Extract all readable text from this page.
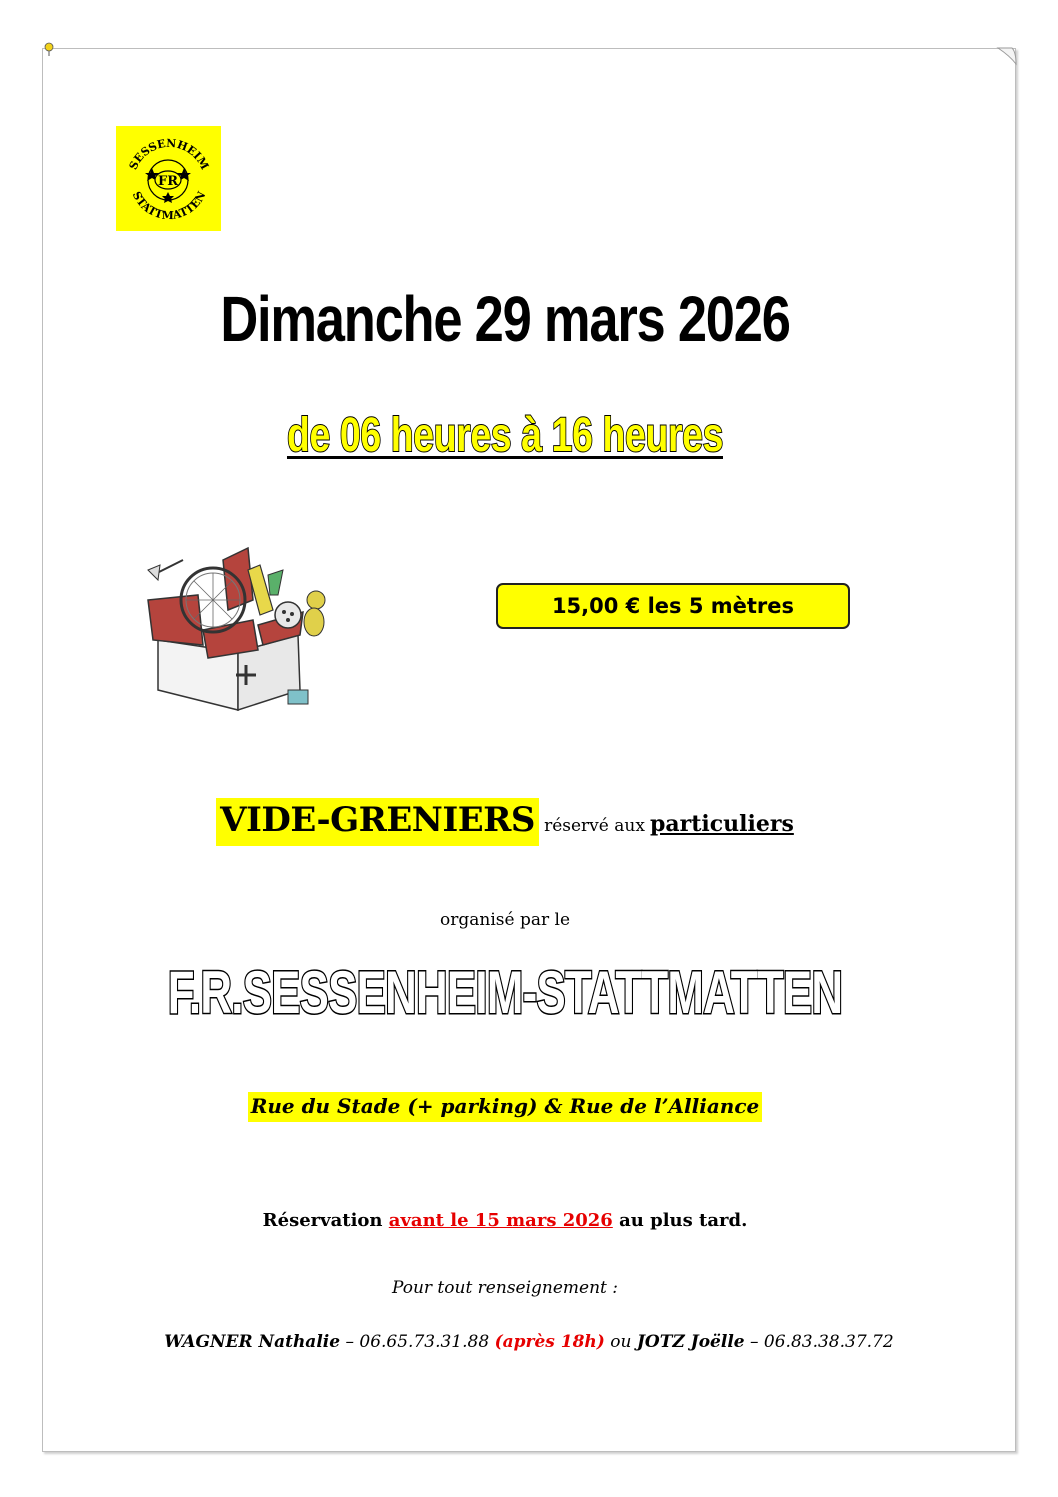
SESSENHEIM
STATTMATTEN
FR
Dimanche 29 mars 2026
de 06 heures à 16 heures
15,00 € les 5 mètres
VIDE-GRENIERS réservé aux particuliers
organisé par le
F.R.SESSENHEIM-STATTMATTEN
Rue du Stade (+ parking) & Rue de l’Alliance
Réservation avant le 15 mars 2026 au plus tard.
Pour tout renseignement :
WAGNER Nathalie – 06.65.73.31.88 (après 18h) ou JOTZ Joëlle – 06.83.38.37.72
